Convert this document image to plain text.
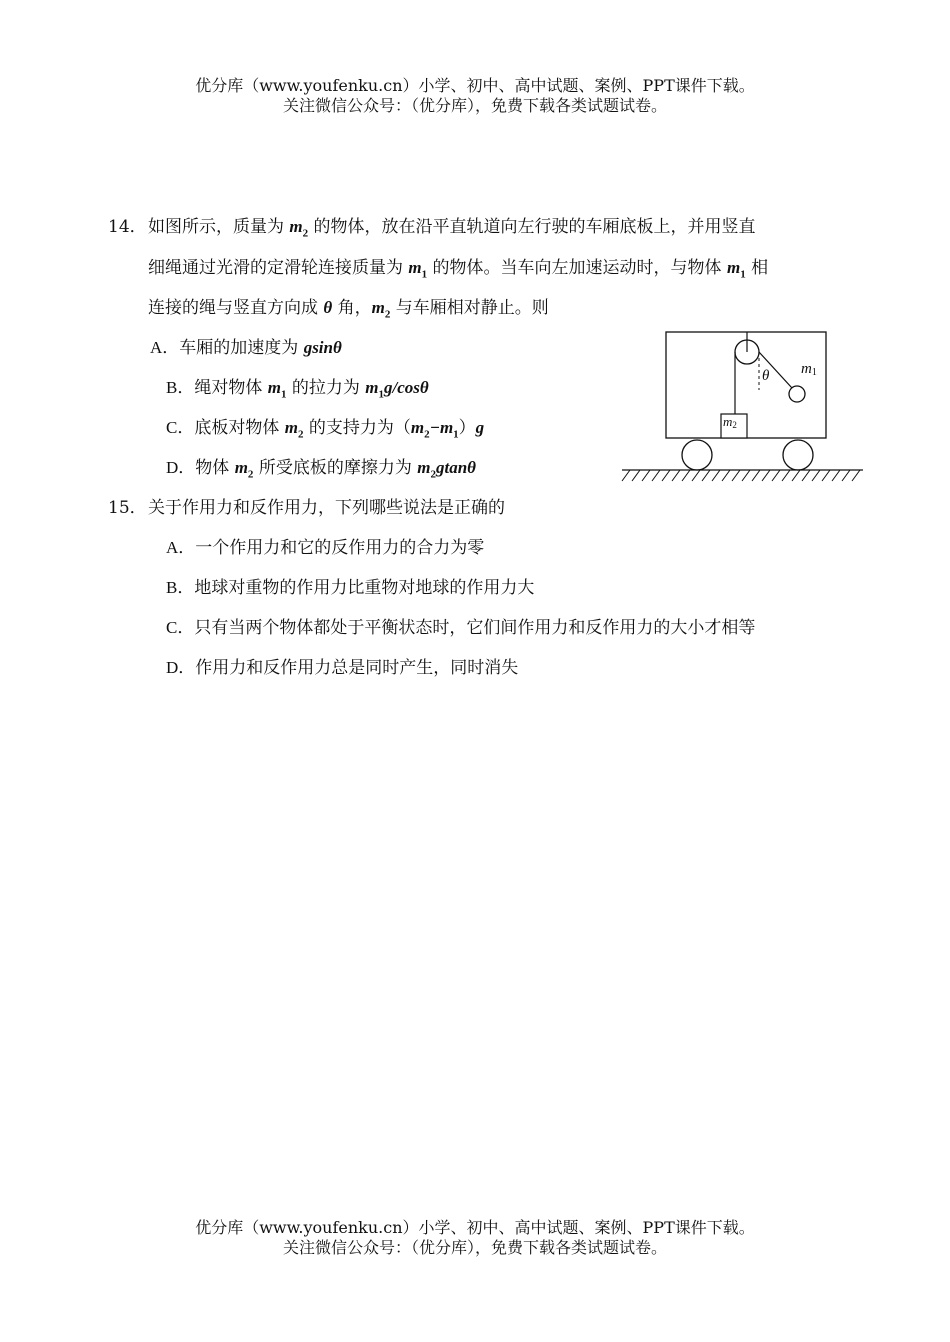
优分库（www.youfenku.cn）小学、初中、高中试题、案例、PPT课件下载。
关注微信公众号：（优分库），免费下载各类试题试卷。
14． 如图所示，质量为 $m_2$ 的物体，放在沿平直轨道向左行驶的车厢底板上，并用竖直
细绳通过光滑的定滑轮连接质量为 $m_1$ 的物体。当车向左加速运动时，与物体 $m_1$ 相
连接的绳与竖直方向成 θ 角，$m_2$ 与车厢相对静止。则
A．车厢的加速度为 gsinθ
B．绳对物体 $m_1$ 的拉力为 $m_1g$/cosθ
C．底板对物体 $m_2$ 的支持力为$(m_2-m_1)g$
D．物体 $m_2$ 所受底板的摩擦力为 $m_2gtan\theta$
m1
m2
θ
15． 关于作用力和反作用力，下列哪些说法是正确的
A．一个作用力和它的反作用力的合力为零
B．地球对重物的作用力比重物对地球的作用力大
C．只有当两个物体都处于平衡状态时，它们间作用力和反作用力的大小才相等
D．作用力和反作用力总是同时产生，同时消失
优分库（www.youfenku.cn）小学、初中、高中试题、案例、PPT课件下载。
关注微信公众号：（优分库），免费下载各类试题试卷。
